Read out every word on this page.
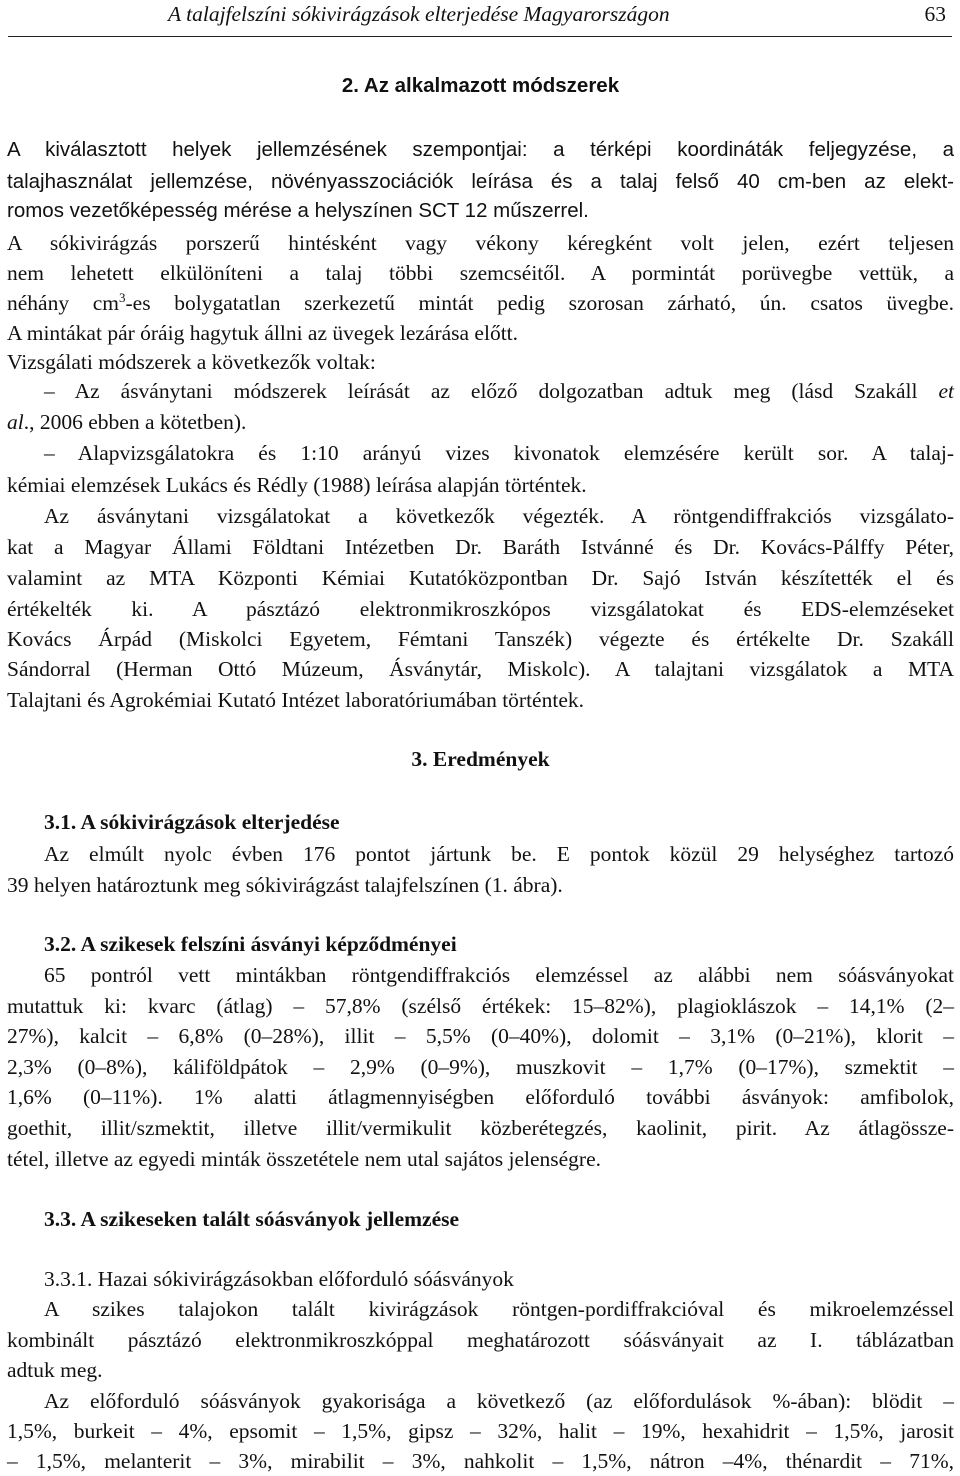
A talajfelszíni sókivirágzások elterjedése Magyarországon	63
2. Az alkalmazott módszerek
A kiválasztott helyek jellemzésének szempontjai: a térképi koordináták feljegyzése, a
talajhasználat jellemzése, növényasszociációk leírása és a talaj felső 40 cm-ben az elekt-
romos vezetőképesség mérése a helyszínen SCT 12 műszerrel.
A sókivirágzás porszerű hintésként vagy vékony kéregként volt jelen, ezért teljesen
nem lehetett elkülöníteni a talaj többi szemcséitől. A pormintát porüvegbe vettük, a
néhány $cm^3-es$ bolygatatlan szerkezetű mintát pedig szorosan zárható, ún. csatos üvegbe.
A mintákat pár óráig hagytuk állni az üvegek lezárása előtt.
Vizsgálati módszerek a következők voltak:
– Az ásványtani módszerek leírását az előző dolgozatban adtuk meg (lásd Szakáll et
al., 2006 ebben a kötetben).
– Alapvizsgálatokra és 1:10 arányú vizes kivonatok elemzésére került sor. A talaj-
kémiai elemzések Lukács és Rédly (1988) leírása alapján történtek.
Az ásványtani vizsgálatokat a következők végezték. A röntgendiffrakciós vizsgálato-
kat a Magyar Állami Földtani Intézetben Dr. Baráth Istvánné és Dr. Kovács-Pálffy Péter,
valamint az MTA Központi Kémiai Kutatóközpontban Dr. Sajó István készítették el és
értékelték ki. A pásztázó elektronmikroszkópos vizsgálatokat és EDS-elemzéseket
Kovács Árpád (Miskolci Egyetem, Fémtani Tanszék) végezte és értékelte Dr. Szakáll
Sándorral (Herman Ottó Múzeum, Ásványtár, Miskolc). A talajtani vizsgálatok a MTA
Talajtani és Agrokémiai Kutató Intézet laboratóriumában történtek.
3. Eredmények
3.1. A sókivirágzások elterjedése
Az elmúlt nyolc évben 176 pontot jártunk be. E pontok közül 29 helységhez tartozó
39 helyen határoztunk meg sókivirágzást talajfelszínen (1. ábra).
3.2. A szikesek felszíni ásványi képződményei
65 pontról vett mintákban röntgendiffrakciós elemzéssel az alábbi nem sóásványokat
mutattuk ki: kvarc (átlag) – 57,8% (szélső értékek: 15–82%), plagioklászok – 14,1% (2–
27%), kalcit – 6,8% (0–28%), illit – 5,5% (0–40%), dolomit – 3,1% (0–21%), klorit –
2,3% (0–8%), káliföldpátok – 2,9% (0–9%), muszkovit – 1,7% (0–17%), szmektit –
1,6% (0–11%). 1% alatti átlagmennyiségben előforduló további ásványok: amfibolok,
goethit, illit/szmektit, illetve illit/vermikulit közberétegzés, kaolinit, pirit. Az átlagössze-
tétel, illetve az egyedi minták összetétele nem utal sajátos jelenségre.
3.3. A szikeseken talált sóásványok jellemzése
3.3.1. Hazai sókivirágzásokban előforduló sóásványok
A szikes talajokon talált kivirágzások röntgen-pordiffrakcióval és mikroelemzéssel
kombinált pásztázó elektronmikroszkóppal meghatározott sóásványait az I. táblázatban
adtuk meg.
Az előforduló sóásványok gyakorisága a következő (az előfordulások %-ában): blödit –
1,5%, burkeit – 4%, epsomit – 1,5%, gipsz – 32%, halit – 19%, hexahidrit – 1,5%, jarosit
– 1,5%, melanterit – 3%, mirabilit – 3%, nahkolit – 1,5%, nátron –4%, thénardit – 71%,
